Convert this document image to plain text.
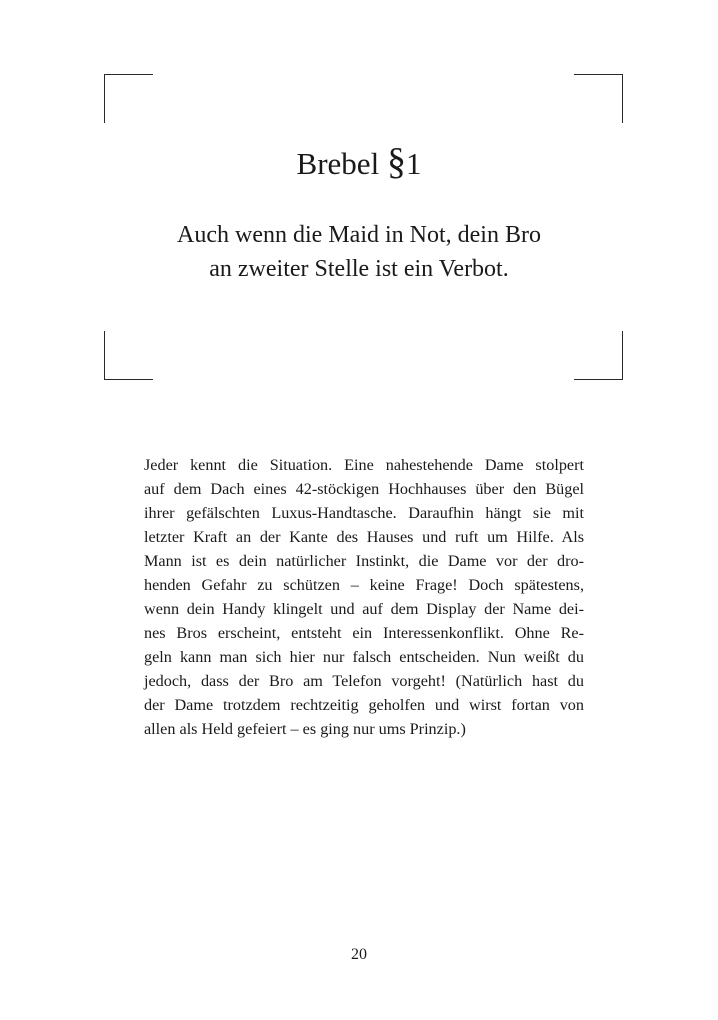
Brebel §1
Auch wenn die Maid in Not, dein Bro
an zweiter Stelle ist ein Verbot.
Jeder kennt die Situation. Eine nahestehende Dame stolpert
auf dem Dach eines 42-stöckigen Hochhauses über den Bügel
ihrer gefälschten Luxus-Handtasche. Daraufhin hängt sie mit
letzter Kraft an der Kante des Hauses und ruft um Hilfe. Als
Mann ist es dein natürlicher Instinkt, die Dame vor der dro-
henden Gefahr zu schützen – keine Frage! Doch spätestens,
wenn dein Handy klingelt und auf dem Display der Name dei-
nes Bros erscheint, entsteht ein Interessenkonflikt. Ohne Re-
geln kann man sich hier nur falsch entscheiden. Nun weißt du
jedoch, dass der Bro am Telefon vorgeht! (Natürlich hast du
der Dame trotzdem rechtzeitig geholfen und wirst fortan von
allen als Held gefeiert – es ging nur ums Prinzip.)
20
